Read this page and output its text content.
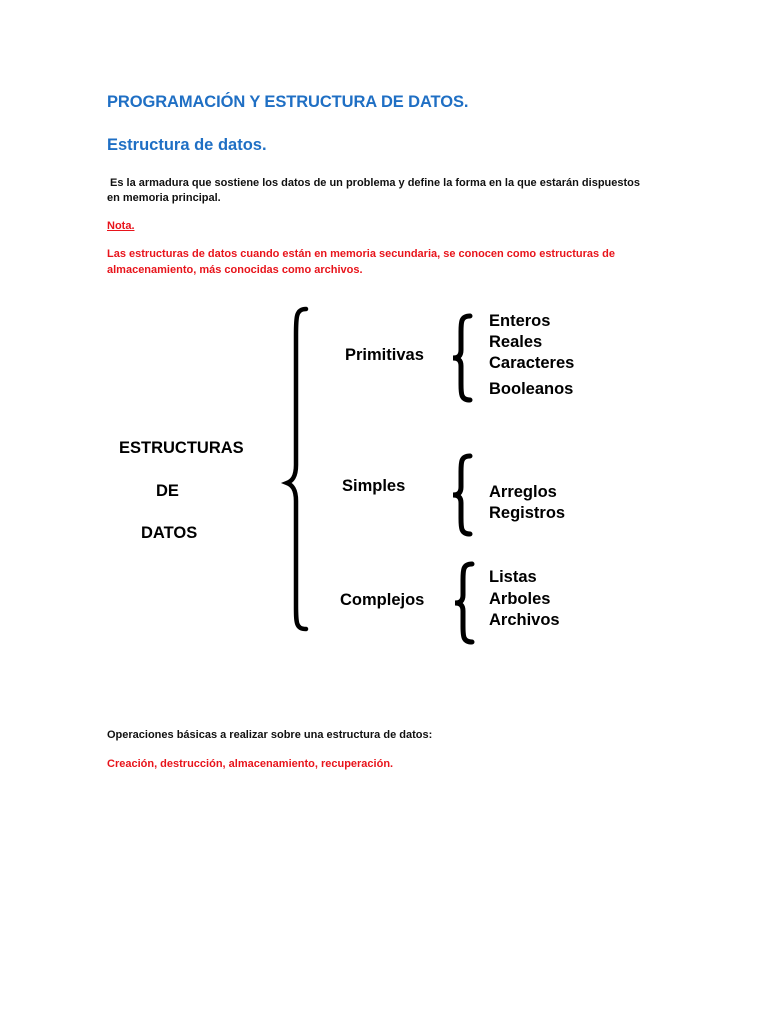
PROGRAMACIÓN Y ESTRUCTURA DE DATOS.
Estructura de datos.
Es la armadura que sostiene los datos de un problema y define la forma en la que estarán dispuestos
en memoria principal.
Nota.
Las estructuras de datos cuando están en memoria secundaria, se conocen como estructuras de
almacenamiento, más conocidas como archivos.
ESTRUCTURAS
DE
DATOS
Primitivas
Enteros
Reales
Caracteres
Booleanos
Simples	Arreglos
Registros
Complejos
Listas
Arboles
Archivos
Operaciones básicas a realizar sobre una estructura de datos:
Creación, destrucción, almacenamiento, recuperación.
